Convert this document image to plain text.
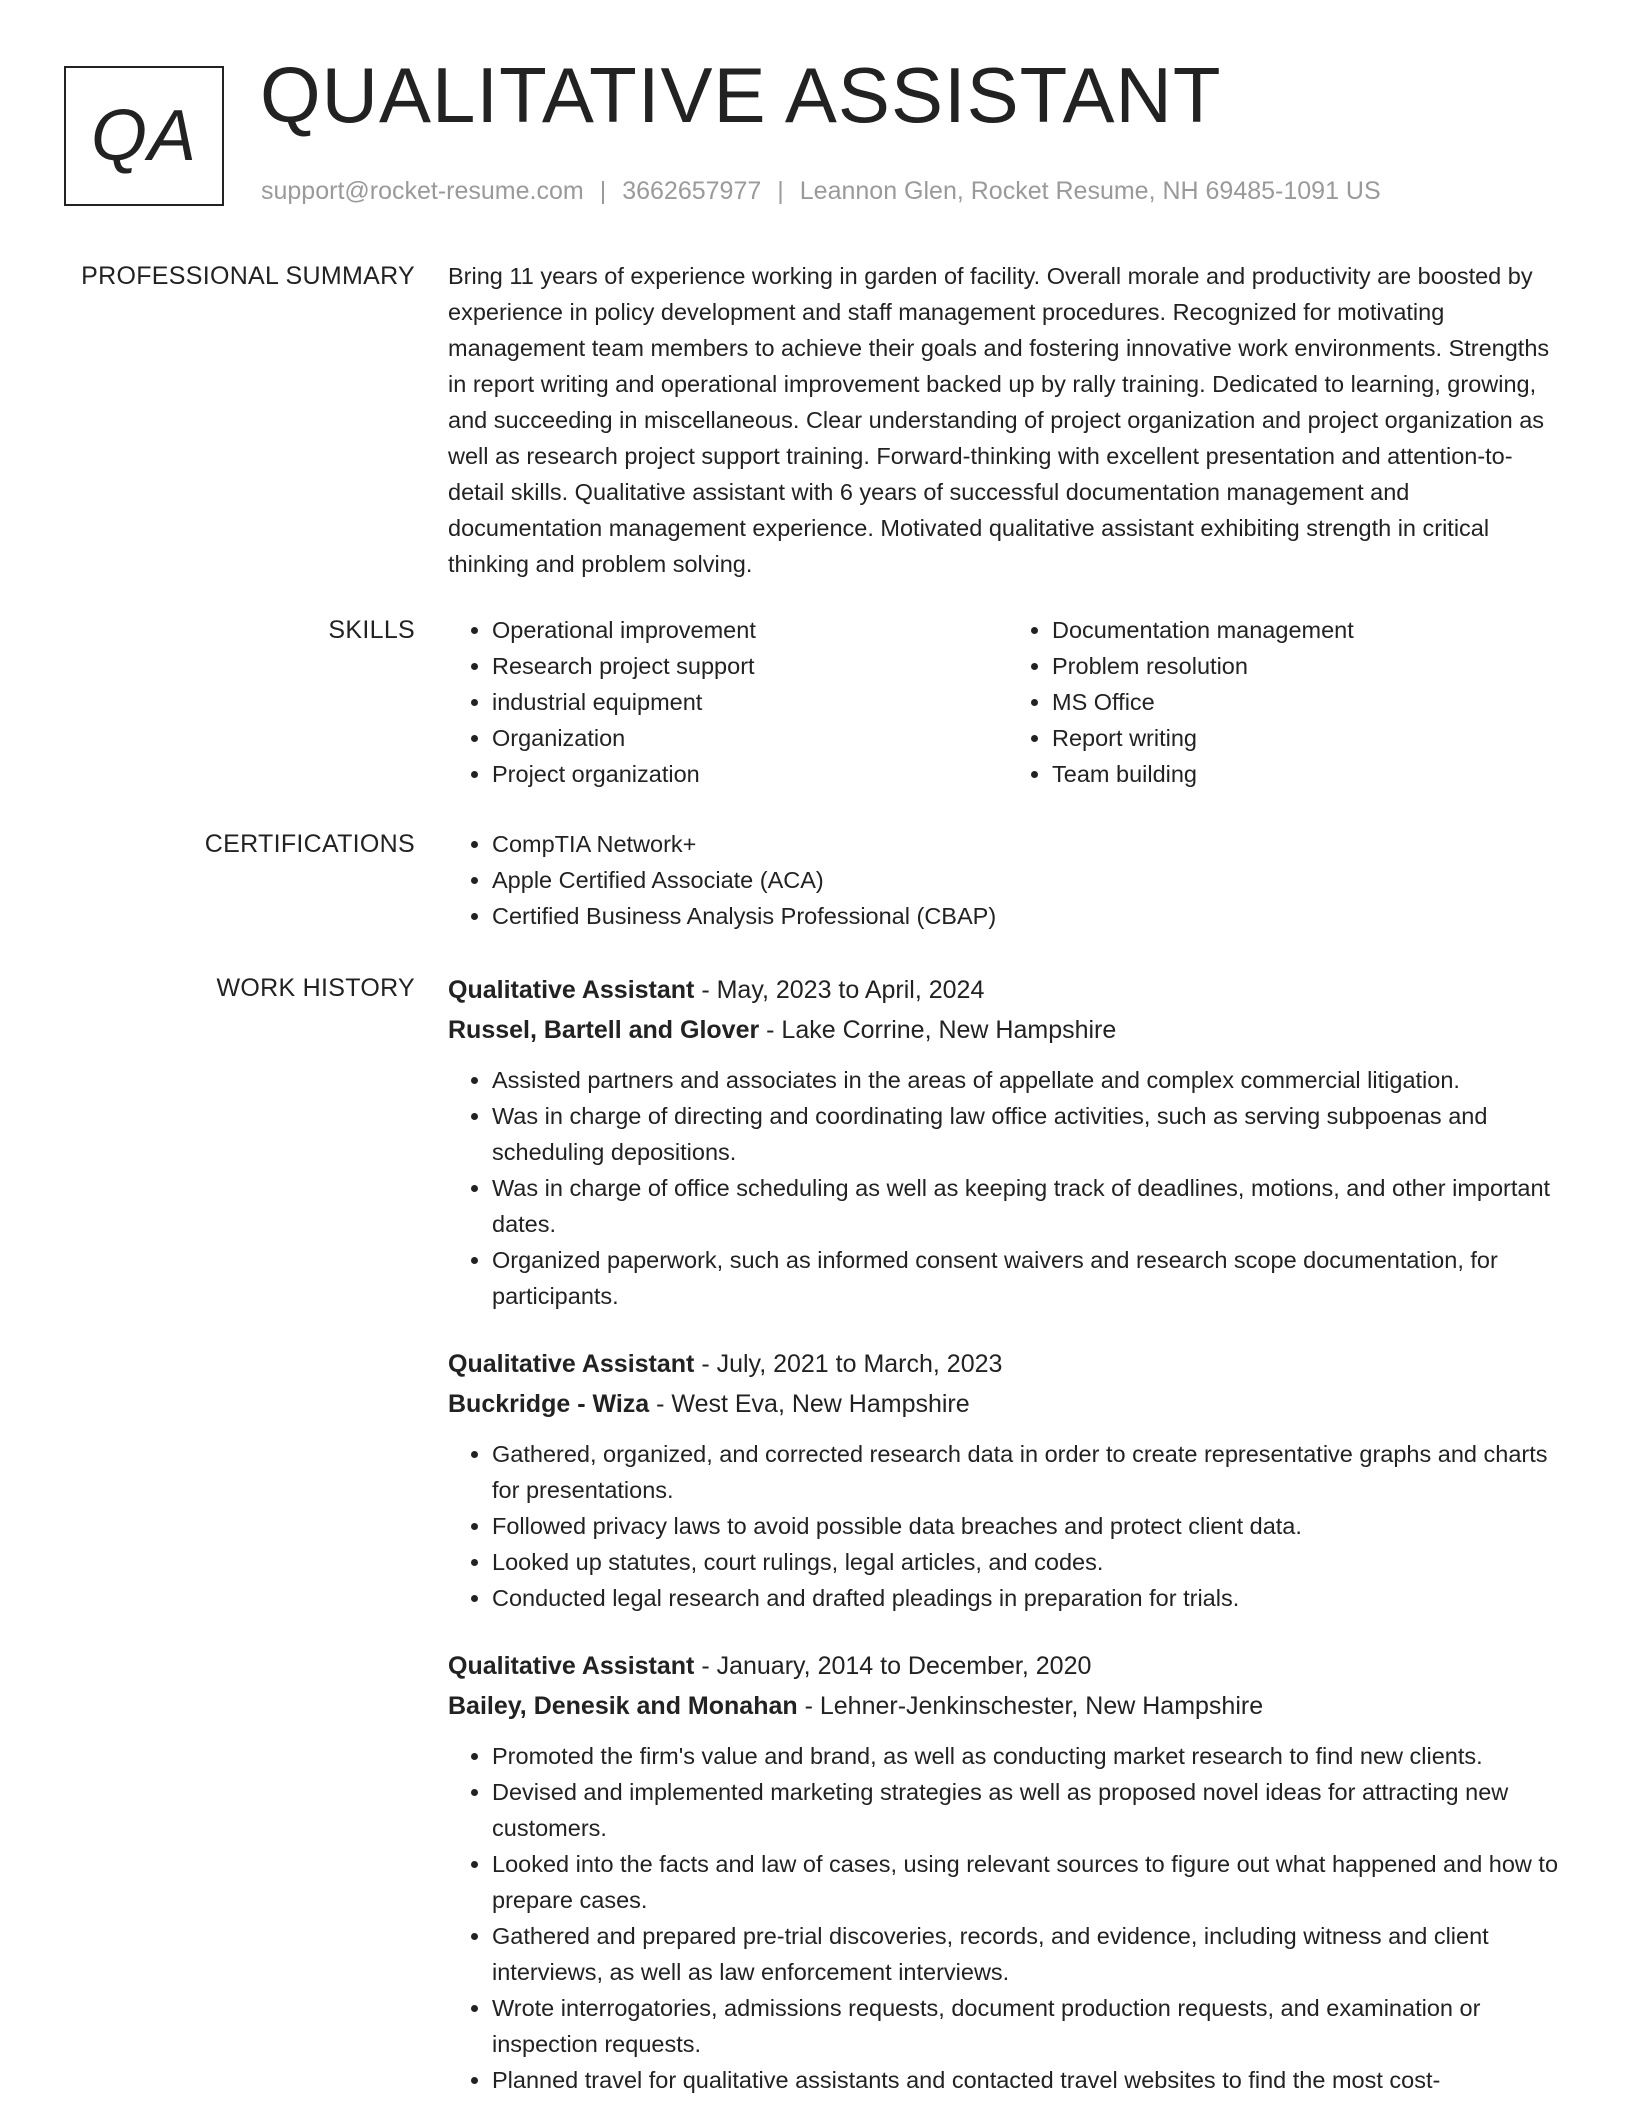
QA QUALITATIVE ASSISTANT
support@rocket-resume.com | 3662657977 | Leannon Glen, Rocket Resume, NH 69485-1091 US
PROFESSIONAL SUMMARY Bring 11 years of experience working in garden of facility. Overall morale and productivity are boosted by experience in policy development and staff management procedures. Recognized for motivating management team members to achieve their goals and fostering innovative work environments. Strengths in report writing and operational improvement backed up by rally training. Dedicated to learning, growing, and succeeding in miscellaneous. Clear understanding of project organization and project organization as well as research project support training. Forward-thinking with excellent presentation and attention-to-detail skills. Qualitative assistant with 6 years of successful documentation management and documentation management experience. Motivated qualitative assistant exhibiting strength in critical thinking and problem solving.

SKILLS	• Operational improvement
• Research project support
• industrial equipment
• Organization
• Project organization
• Documentation management
• Problem resolution
• MS Office
• Report writing
• Team building
CERTIFICATIONS	• CompTIA Network+
• Apple Certified Associate (ACA)
• Certified Business Analysis Professional (CBAP)
WORK HISTORY Qualitative Assistant - May, 2023 to April, 2024
Russel, Bartell and Glover - Lake Corrine, New Hampshire
• Assisted partners and associates in the areas of appellate and complex commercial litigation.
• Was in charge of directing and coordinating law office activities, such as serving subpoenas and scheduling depositions.
• Was in charge of office scheduling as well as keeping track of deadlines, motions, and other important dates.
• Organized paperwork, such as informed consent waivers and research scope documentation, for participants.
Qualitative Assistant - July, 2021 to March, 2023
Buckridge - Wiza - West Eva, New Hampshire
• Gathered, organized, and corrected research data in order to create representative graphs and charts for presentations.
• Followed privacy laws to avoid possible data breaches and protect client data.
• Looked up statutes, court rulings, legal articles, and codes.
• Conducted legal research and drafted pleadings in preparation for trials.
Qualitative Assistant - January, 2014 to December, 2020
Bailey, Denesik and Monahan - Lehner-Jenkinschester, New Hampshire
• Promoted the firm's value and brand, as well as conducting market research to find new clients.
• Devised and implemented marketing strategies as well as proposed novel ideas for attracting new customers.
• Looked into the facts and law of cases, using relevant sources to figure out what happened and how to prepare cases.
• Gathered and prepared pre-trial discoveries, records, and evidence, including witness and client interviews, as well as law enforcement interviews.
• Wrote interrogatories, admissions requests, document production requests, and examination or inspection requests.
• Planned travel for qualitative assistants and contacted travel websites to find the most cost-
